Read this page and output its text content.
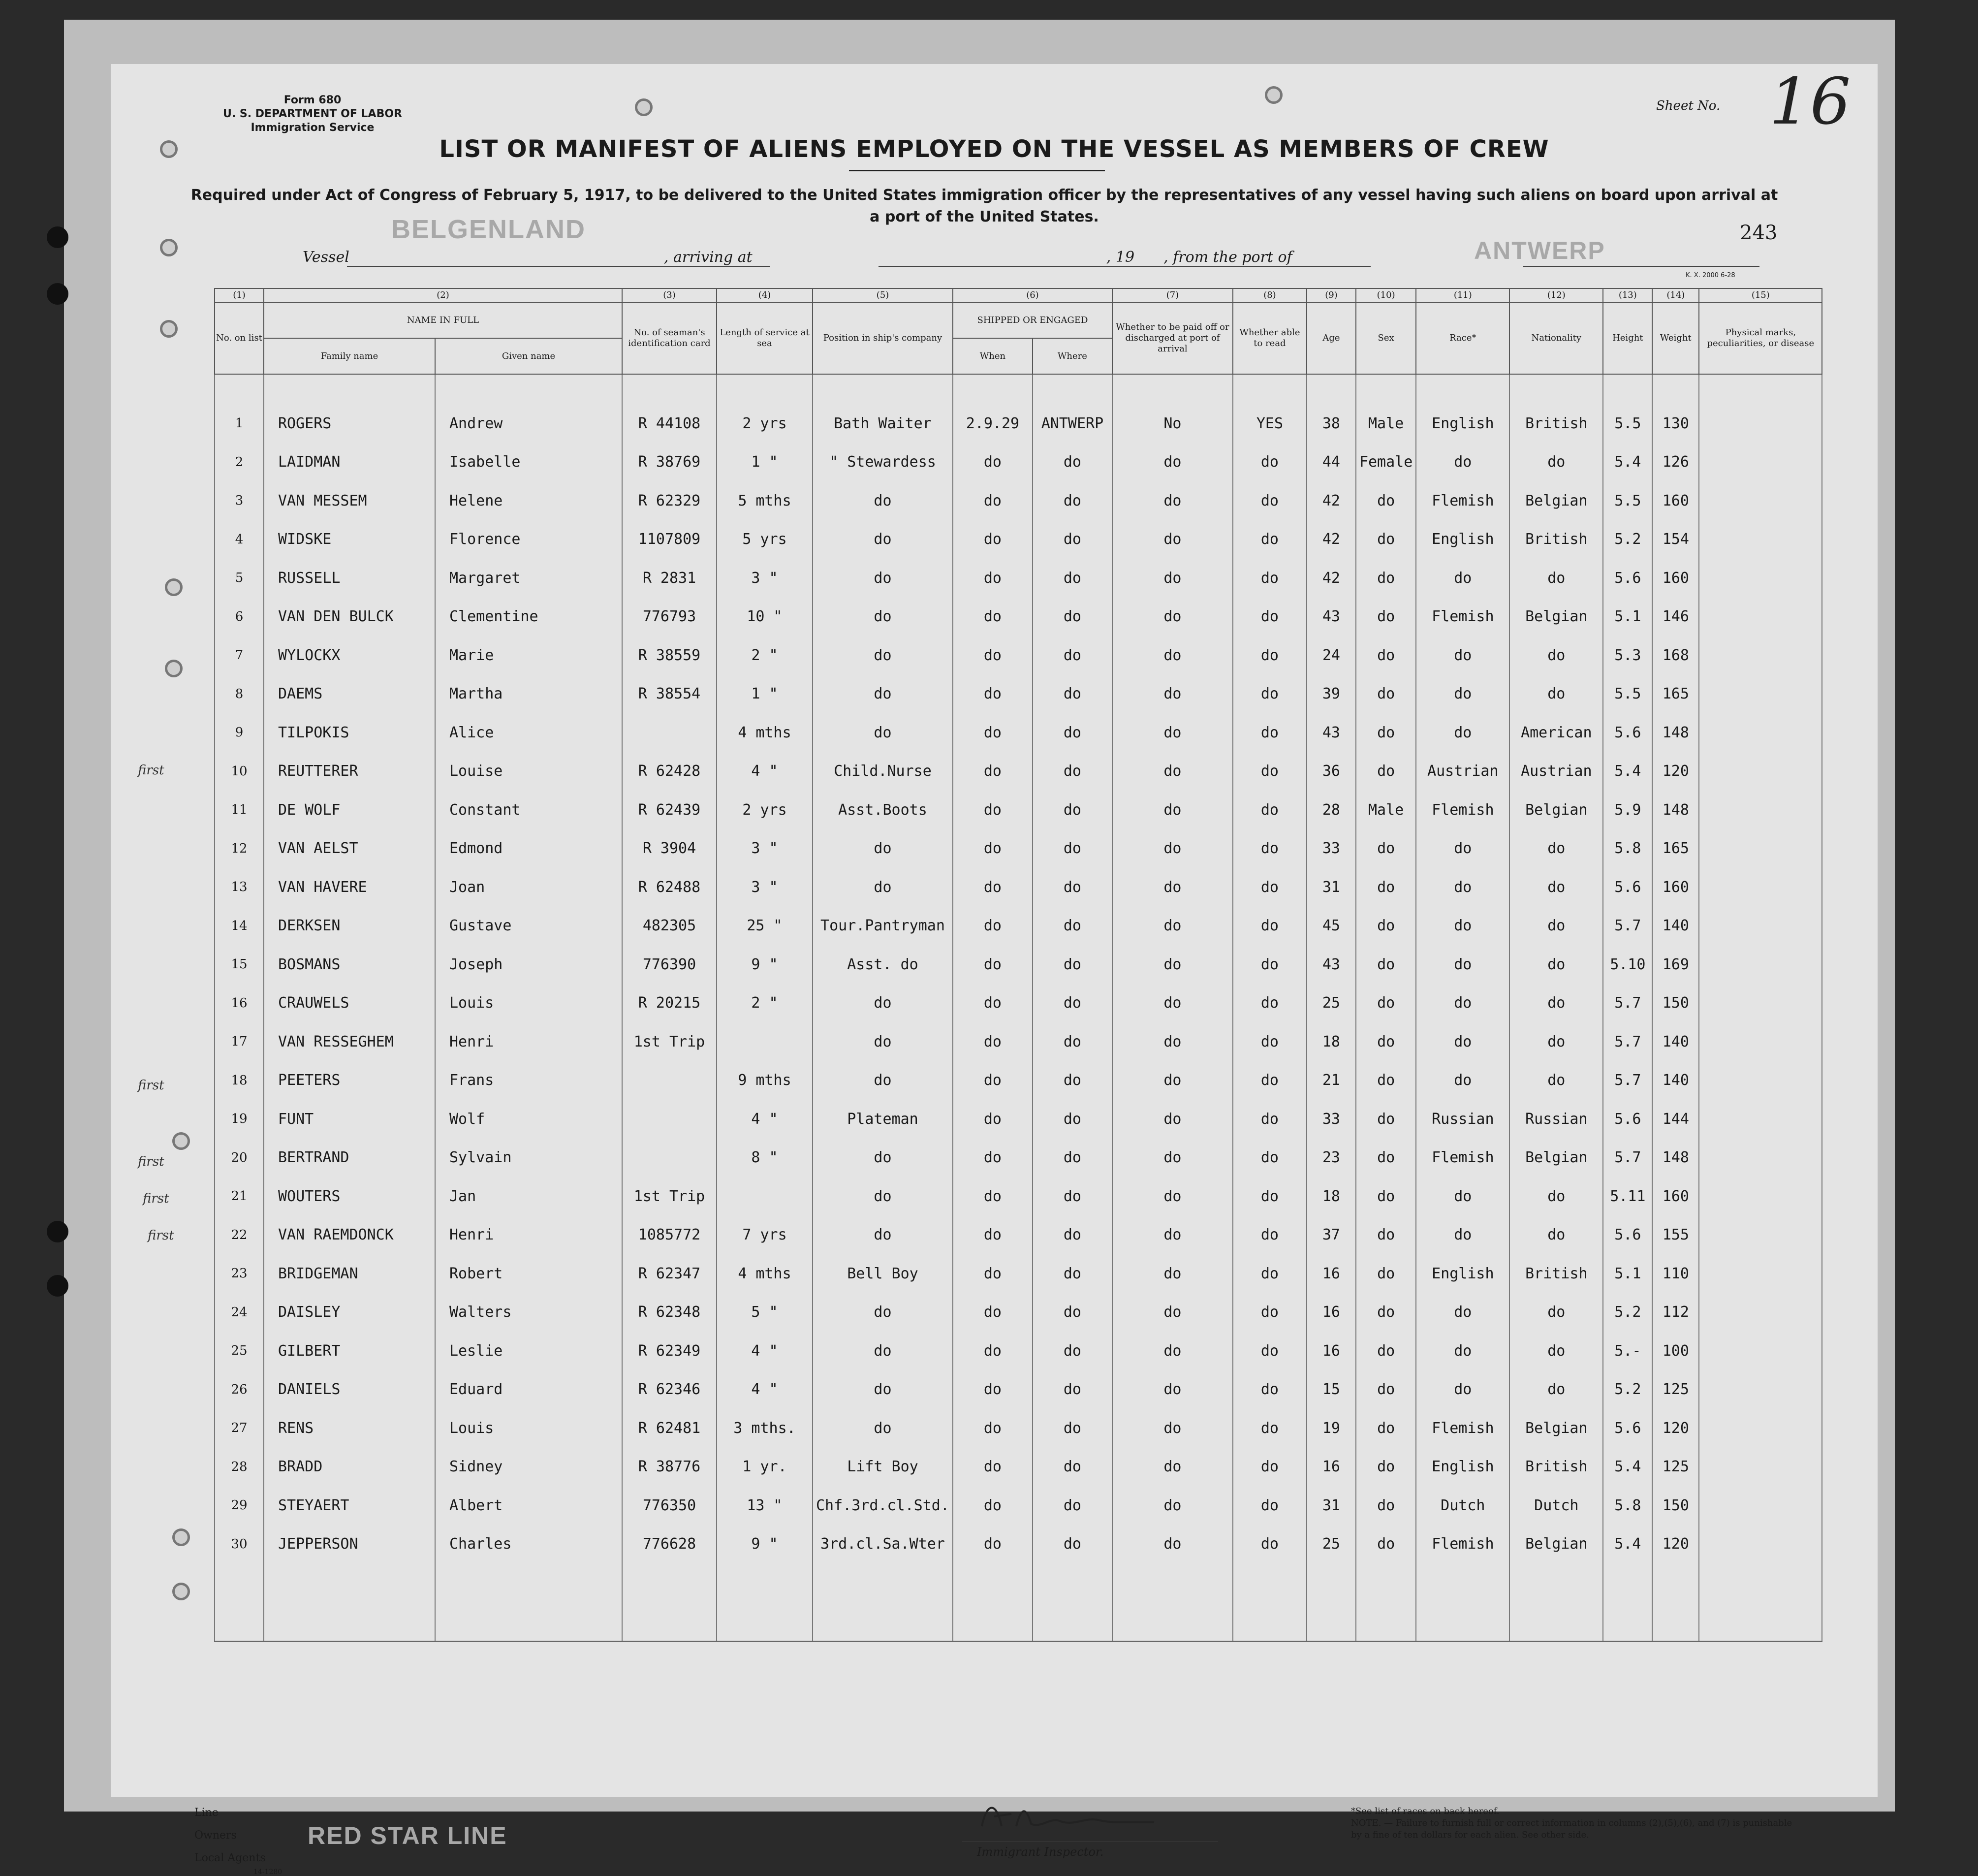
Form 680
U. S. DEPARTMENT OF LABOR
Immigration Service
Sheet No. 16
LIST OR MANIFEST OF ALIENS EMPLOYED ON THE VESSEL AS MEMBERS OF CREW
Required under Act of Congress of February 5, 1917, to be delivered to the United States immigration officer by the representatives of any vessel having such aliens on board upon arrival at a port of the United States.
243
BELGENLAND
ANTWERP
Vessel	, arriving at	, 19 , from the port of
K. X. 2000 6-28
(1)	(2)		(3)	(4)	(5)	(6)		(7)	(8)	(9)	(10)	(11)	(12)	(13)	(14)	(15)
No. on list	NAME IN FULL		No. of seaman's identification card	Length of service at sea	Position in ship's company	SHIPPED OR ENGAGED		Whether to be paid off or discharged at port of arrival	Whether able to read	Age	Sex	Race*	Nationality	Height	Weight	Physical marks, peculiarities, or disease
	Family name	Given name				When	Where									

1	ROGERS	Andrew	R 44108	2 yrs	Bath Waiter	2.9.29	ANTWERP	No	YES	38	Male	English	British	5.5	130	
2	LAIDMAN	Isabelle	R 38769	1 "	" Stewardess	do	do	do	do	44	Female	do	do	5.4	126	
3	VAN MESSEM	Helene	R 62329	5 mths	do	do	do	do	do	42	do	Flemish	Belgian	5.5	160	
4	WIDSKE	Florence	1107809	5 yrs	do	do	do	do	do	42	do	English	British	5.2	154	
5	RUSSELL	Margaret	R 2831	3 "	do	do	do	do	do	42	do	do	do	5.6	160	
6	VAN DEN BULCK	Clementine	776793	10 "	do	do	do	do	do	43	do	Flemish	Belgian	5.1	146	
7	WYLOCKX	Marie	R 38559	2 "	do	do	do	do	do	24	do	do	do	5.3	168	
8	DAEMS	Martha	R 38554	1 "	do	do	do	do	do	39	do	do	do	5.5	165	
9	TILPOKIS	Alice		4 mths	do	do	do	do	do	43	do	do	American	5.6	148	
10	REUTTERER	Louise	R 62428	4 "	Child.Nurse	do	do	do	do	36	do	Austrian	Austrian	5.4	120	
11	DE WOLF	Constant	R 62439	2 yrs	Asst.Boots	do	do	do	do	28	Male	Flemish	Belgian	5.9	148	
12	VAN AELST	Edmond	R 3904	3 "	do	do	do	do	do	33	do	do	do	5.8	165	
13	VAN HAVERE	Joan	R 62488	3 "	do	do	do	do	do	31	do	do	do	5.6	160	
14	DERKSEN	Gustave	482305	25 "	Tour.Pantryman	do	do	do	do	45	do	do	do	5.7	140	
15	BOSMANS	Joseph	776390	9 "	Asst. do	do	do	do	do	43	do	do	do	5.10	169	
16	CRAUWELS	Louis	R 20215	2 "	do	do	do	do	do	25	do	do	do	5.7	150	
17	VAN RESSEGHEM	Henri	1st Trip		do	do	do	do	do	18	do	do	do	5.7	140	
18	PEETERS	Frans		9 mths	do	do	do	do	do	21	do	do	do	5.7	140	
19	FUNT	Wolf		4 "	Plateman	do	do	do	do	33	do	Russian	Russian	5.6	144	
20	BERTRAND	Sylvain		8 "	do	do	do	do	do	23	do	Flemish	Belgian	5.7	148	
21	WOUTERS	Jan	1st Trip		do	do	do	do	do	18	do	do	do	5.11	160	
22	VAN RAEMDONCK	Henri	1085772	7 yrs	do	do	do	do	do	37	do	do	do	5.6	155	
23	BRIDGEMAN	Robert	R 62347	4 mths	Bell Boy	do	do	do	do	16	do	English	British	5.1	110	
24	DAISLEY	Walters	R 62348	5 "	do	do	do	do	do	16	do	do	do	5.2	112	
25	GILBERT	Leslie	R 62349	4 "	do	do	do	do	do	16	do	do	do	5.-	100	
26	DANIELS	Eduard	R 62346	4 "	do	do	do	do	do	15	do	do	do	5.2	125	
27	RENS	Louis	R 62481	3 mths.	do	do	do	do	do	19	do	Flemish	Belgian	5.6	120	
28	BRADD	Sidney	R 38776	1 yr.	Lift Boy	do	do	do	do	16	do	English	British	5.4	125	
29	STEYAERT	Albert	776350	13 "	Chf.3rd.cl.Std.	do	do	do	do	31	do	Dutch	Dutch	5.8	150	
30	JEPPERSON	Charles	776628	9 "	3rd.cl.Sa.Wter	do	do	do	do	25	do	Flemish	Belgian	5.4	120	

first
first
first
first
first
Line
Owners
Local Agents
RED STAR LINE
14-1280
Immigrant Inspector.
*See list of races on back hereof.
NOTE. — Failure to furnish full or correct information in columns (2),(5),(6), and (7) is punishable by a fine of ten dollars for each alien. See other side.
